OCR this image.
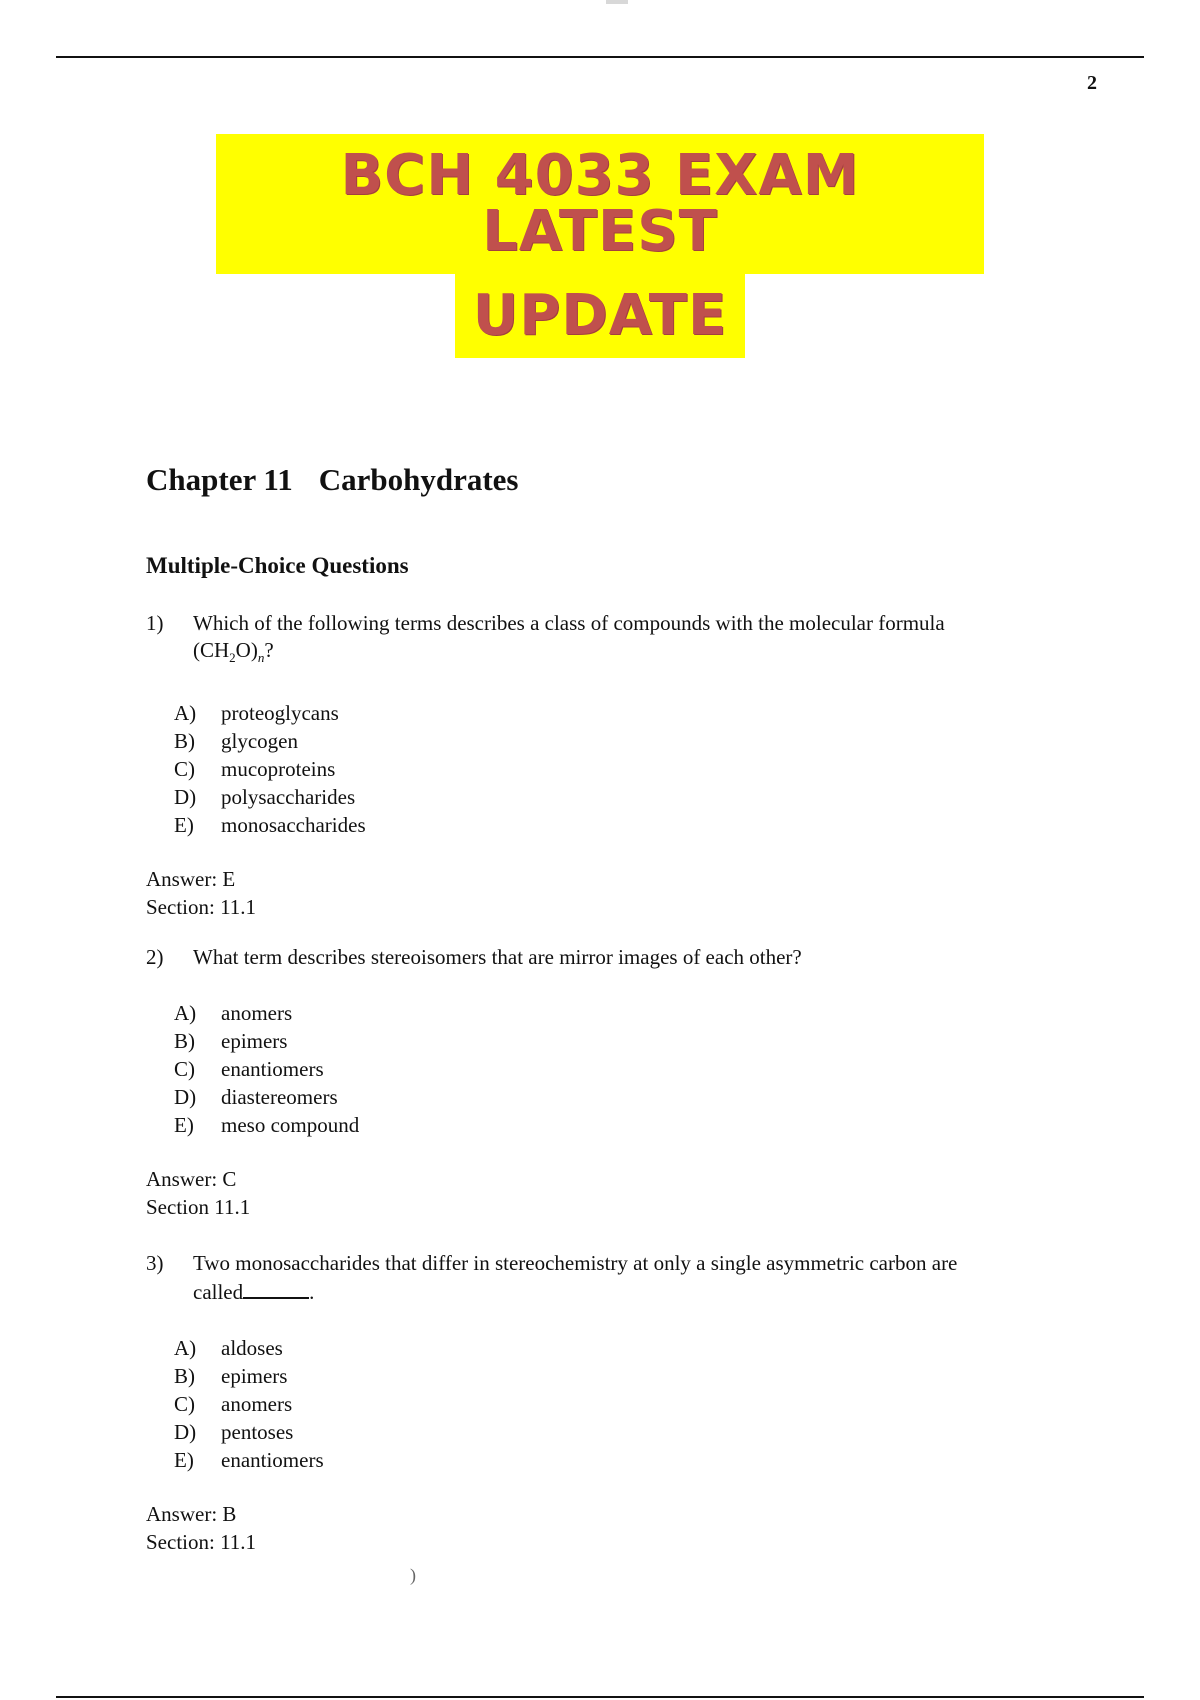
2
BCH 4033 EXAM LATEST
UPDATE
Chapter 11 Carbohydrates
Multiple-Choice Questions
1)	Which of the following terms describes a class of compounds with the molecular formula
$(CH_2O)_n$?
A)	proteoglycans
B)	glycogen
C)	mucoproteins
D)	polysaccharides
E)	monosaccharides
Answer: E
Section: 11.1
2)	What term describes stereoisomers that are mirror images of each other?
A)	anomers
B)	epimers
C)	enantiomers
D)	diastereomers
E)	meso compound
Answer: C
Section 11.1
3)	Two monosaccharides that differ in stereochemistry at only a single asymmetric carbon are
called	.
A)	aldoses
B)	epimers
C)	anomers
D)	pentoses
E)	enantiomers
Answer: B
Section: 11.1
)
